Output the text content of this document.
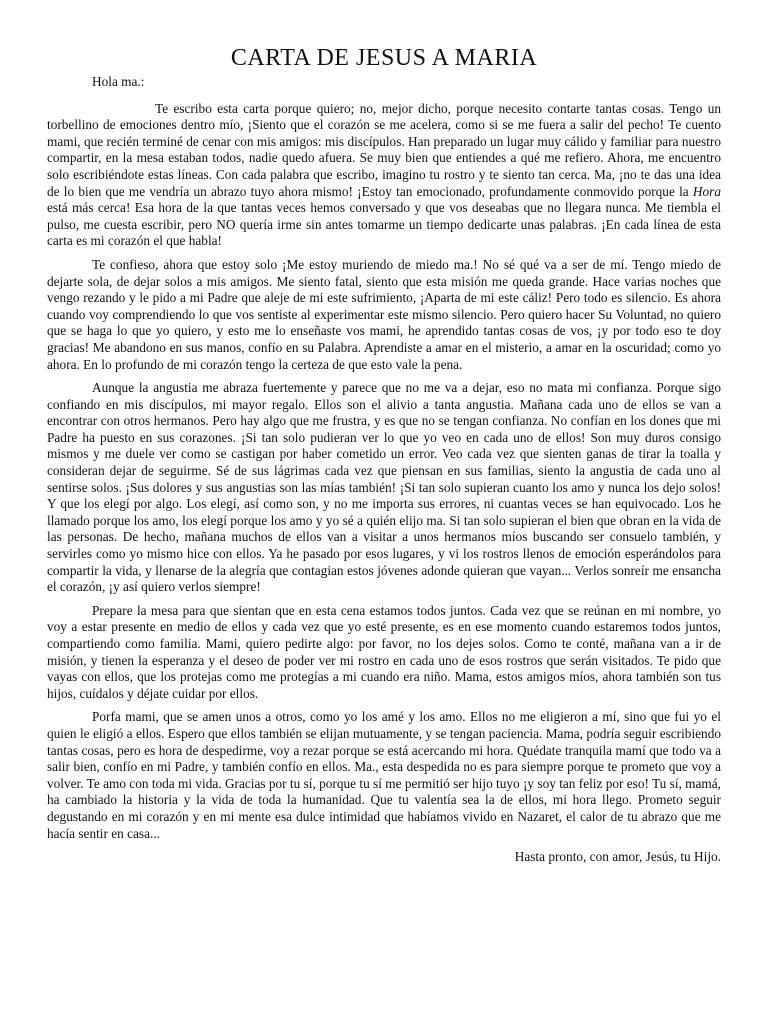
CARTA DE JESUS A MARIA

Hola ma.:

Te escribo esta carta porque quiero; no, mejor dicho, porque necesito contarte tantas cosas. Tengo un torbellino de emociones dentro mío, ¡Siento que el corazón se me acelera, como si se me fuera a salir del pecho! Te cuento mami, que recién terminé de cenar con mis amigos: mis discípulos. Han preparado un lugar muy cálido y familiar para nuestro compartir, en la mesa estaban todos, nadie quedo afuera. Se muy bien que entiendes a qué me refiero. Ahora, me encuentro solo escribiéndote estas líneas. Con cada palabra que escribo, imagino tu rostro y te siento tan cerca. Ma, ¡no te das una idea de lo bien que me vendría un abrazo tuyo ahora mismo! ¡Estoy tan emocionado, profundamente conmovido porque la Hora está más cerca! Esa hora de la que tantas veces hemos conversado y que vos deseabas que no llegara nunca. Me tiembla el pulso, me cuesta escribir, pero NO quería irme sin antes tomarme un tiempo dedicarte unas palabras. ¡En cada línea de esta carta es mi corazón el que habla!

Te confieso, ahora que estoy solo ¡Me estoy muriendo de miedo ma.! No sé qué va a ser de mí. Tengo miedo de dejarte sola, de dejar solos a mis amigos. Me siento fatal, siento que esta misión me queda grande. Hace varias noches que vengo rezando y le pido a mi Padre que aleje de mi este sufrimiento, ¡Aparta de mi este cáliz! Pero todo es silencio. Es ahora cuando voy comprendiendo lo que vos sentiste al experimentar este mismo silencio. Pero quiero hacer Su Voluntad, no quiero que se haga lo que yo quiero, y esto me lo enseñaste vos mami, he aprendido tantas cosas de vos, ¡y por todo eso te doy gracias! Me abandono en sus manos, confío en su Palabra. Aprendiste a amar en el misterio, a amar en la oscuridad; como yo ahora. En lo profundo de mi corazón tengo la certeza de que esto vale la pena.

Aunque la angustia me abraza fuertemente y parece que no me va a dejar, eso no mata mi confianza. Porque sigo confiando en mis discípulos, mi mayor regalo. Ellos son el alivio a tanta angustia. Mañana cada uno de ellos se van a encontrar con otros hermanos. Pero hay algo que me frustra, y es que no se tengan confianza. No confían en los dones que mi Padre ha puesto en sus corazones. ¡Si tan solo pudieran ver lo que yo veo en cada uno de ellos! Son muy duros consigo mismos y me duele ver como se castigan por haber cometido un error. Veo cada vez que sienten ganas de tirar la toalla y consideran dejar de seguirme. Sé de sus lágrimas cada vez que piensan en sus familias, siento la angustia de cada uno al sentirse solos. ¡Sus dolores y sus angustias son las mías también! ¡Si tan solo supieran cuanto los amo y nunca los dejo solos! Y que los elegí por algo. Los elegí, así como son, y no me importa sus errores, ni cuantas veces se han equivocado. Los he llamado porque los amo, los elegí porque los amo y yo sé a quién elijo ma. Si tan solo supieran el bien que obran en la vida de las personas. De hecho, mañana muchos de ellos van a visitar a unos hermanos míos buscando ser consuelo también, y servirles como yo mismo hice con ellos. Ya he pasado por esos lugares, y vi los rostros llenos de emoción esperándolos para compartir la vida, y llenarse de la alegría que contagian estos jóvenes adonde quieran que vayan... Verlos sonreír me ensancha el corazón, ¡y así quiero verlos siempre!

Prepare la mesa para que sientan que en esta cena estamos todos juntos. Cada vez que se reúnan en mi nombre, yo voy a estar presente en medio de ellos y cada vez que yo esté presente, es en ese momento cuando estaremos todos juntos, compartiendo como familia. Mami, quiero pedirte algo: por favor, no los dejes solos. Como te conté, mañana van a ir de misión, y tienen la esperanza y el deseo de poder ver mi rostro en cada uno de esos rostros que serán visitados. Te pido que vayas con ellos, que los protejas como me protegías a mi cuando era niño. Mama, estos amigos míos, ahora también son tus hijos, cuídalos y déjate cuidar por ellos.

Porfa mami, que se amen unos a otros, como yo los amé y los amo. Ellos no me eligieron a mí, sino que fui yo el quien le eligió a ellos. Espero que ellos también se elijan mutuamente, y se tengan paciencia. Mama, podría seguir escribiendo tantas cosas, pero es hora de despedirme, voy a rezar porque se está acercando mi hora. Quédate tranquila mamí que todo va a salir bien, confío en mi Padre, y también confío en ellos. Ma., esta despedida no es para siempre porque te prometo que voy a volver. Te amo con toda mi vida. Gracias por tu sí, porque tu sí me permitió ser hijo tuyo ¡y soy tan feliz por eso! Tu sí, mamá, ha cambiado la historia y la vida de toda la humanidad. Que tu valentía sea la de ellos, mi hora llego. Prometo seguir degustando en mi corazón y en mi mente esa dulce intimidad que habíamos vivido en Nazaret, el calor de tu abrazo que me hacía sentir en casa...

Hasta pronto, con amor, Jesús, tu Hijo.
